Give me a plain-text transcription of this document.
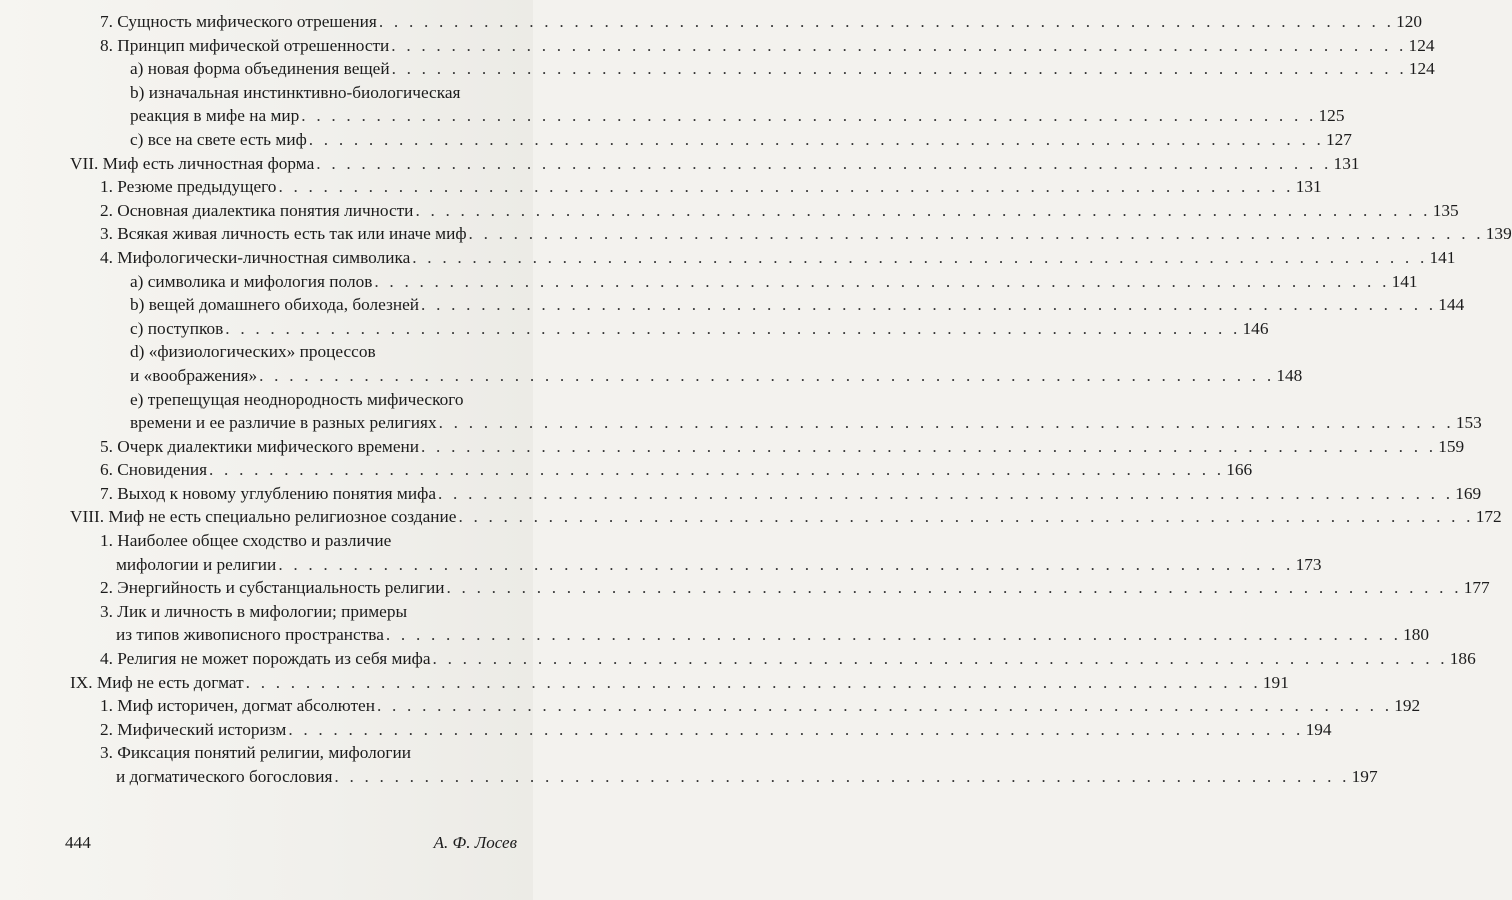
7. Сущность мифического отрешения . . .	120
8. Принцип мифической отрешенности . . .	124
a) новая форма объединения вещей . . .	124
b) изначальная инстинктивно-биологическая
реакция в мифе на мир . . .	125
c) все на свете есть миф . . .	127
VII. Миф есть личностная форма . . .	131
1. Резюме предыдущего . . .	131
2. Основная диалектика понятия личности . . .	135
3. Всякая живая личность есть так или иначе миф . . .	139
4. Мифологически-личностная символика . . .	141
a) символика и мифология полов . . .	141
b) вещей домашнего обихода, болезней . . .	144
c) поступков . . .	146
d) «физиологических» процессов
и «воображения» . . .	148
e) трепещущая неоднородность мифического
времени и ее различие в разных религиях . . .	153
5. Очерк диалектики мифического времени . . .	159
6. Сновидения . . .	166
7. Выход к новому углублению понятия мифа . . .	169
VIII. Миф не есть специально религиозное создание . . .	172
1. Наиболее общее сходство и различие
мифологии и религии . . .	173
2. Энергийность и субстанциальность религии . . .	177
3. Лик и личность в мифологии; примеры
из типов живописного пространства . . .	180
4. Религия не может порождать из себя мифа . . .	186
IX. Миф не есть догмат . . .	191
1. Миф историчен, догмат абсолютен . . .	192
2. Мифический историзм . . .	194
3. Фиксация понятий религии, мифологии
и догматического богословия . . .	197
444	А. Ф. Лосев
